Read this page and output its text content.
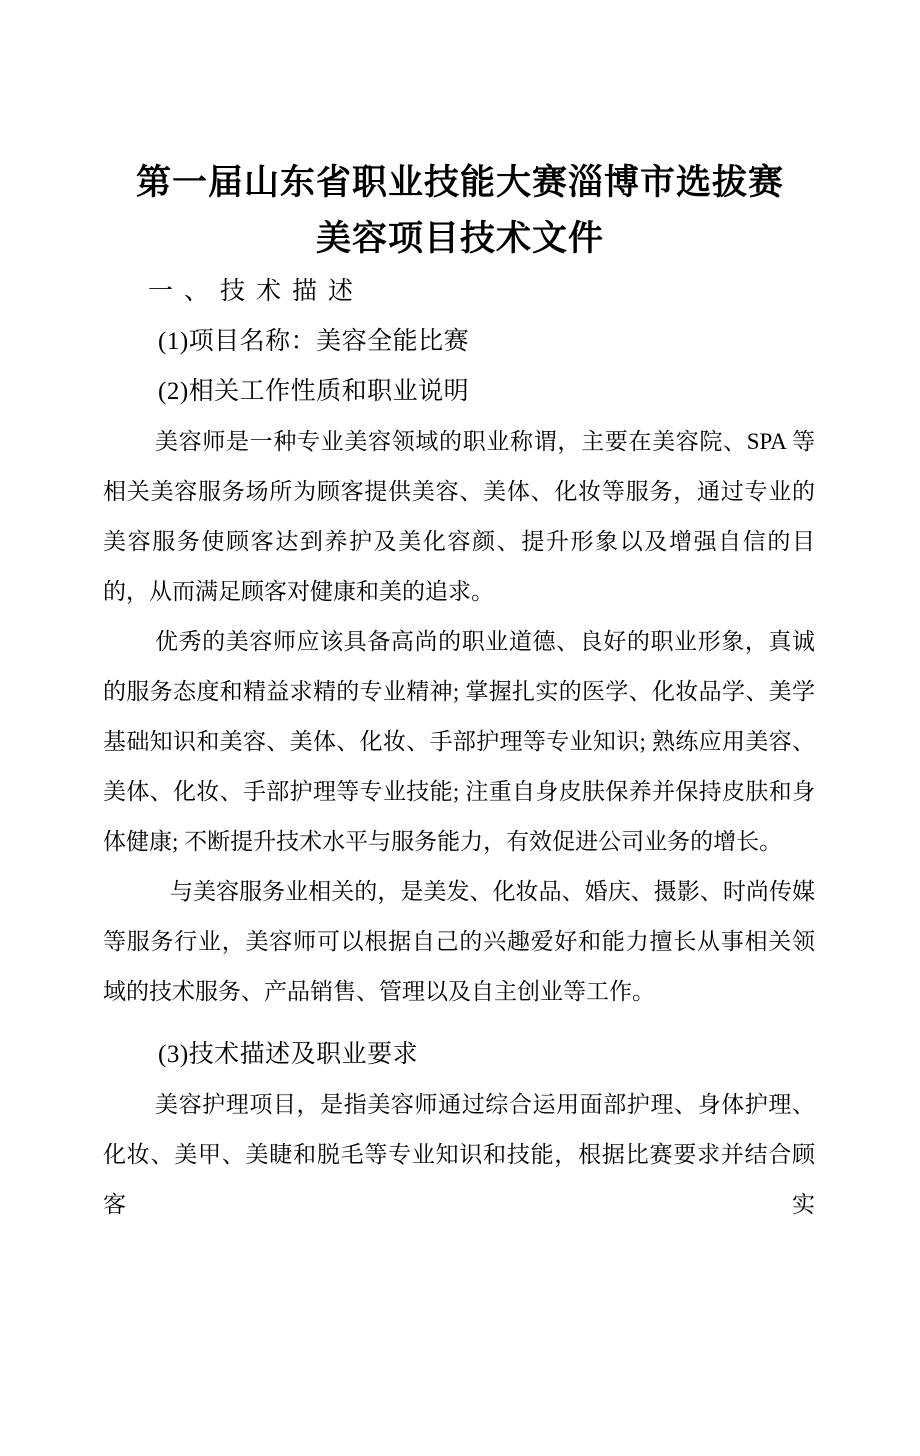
第一届山东省职业技能大赛淄博市选拔赛
美容项目技术文件
一、技术描述

(1)项目名称：美容全能比赛

(2)相关工作性质和职业说明

美容师是一种专业美容领域的职业称谓，主要在美容院、SPA 等相关美容服务场所为顾客提供美容、美体、化妆等服务，通过专业的美容服务使顾客达到养护及美化容颜、提升形象以及增强自信的目的，从而满足顾客对健康和美的追求。

优秀的美容师应该具备高尚的职业道德、良好的职业形象，真诚的服务态度和精益求精的专业精神; 掌握扎实的医学、化妆品学、美学基础知识和美容、美体、化妆、手部护理等专业知识; 熟练应用美容、美体、化妆、手部护理等专业技能; 注重自身皮肤保养并保持皮肤和身体健康; 不断提升技术水平与服务能力，有效促进公司业务的增长。

与美容服务业相关的，是美发、化妆品、婚庆、摄影、时尚传媒等服务行业，美容师可以根据自己的兴趣爱好和能力擅长从事相关领域的技术服务、产品销售、管理以及自主创业等工作。

(3)技术描述及职业要求

美容护理项目，是指美容师通过综合运用面部护理、身体护理、化妆、美甲、美睫和脱毛等专业知识和技能，根据比赛要求并结合顾客实
